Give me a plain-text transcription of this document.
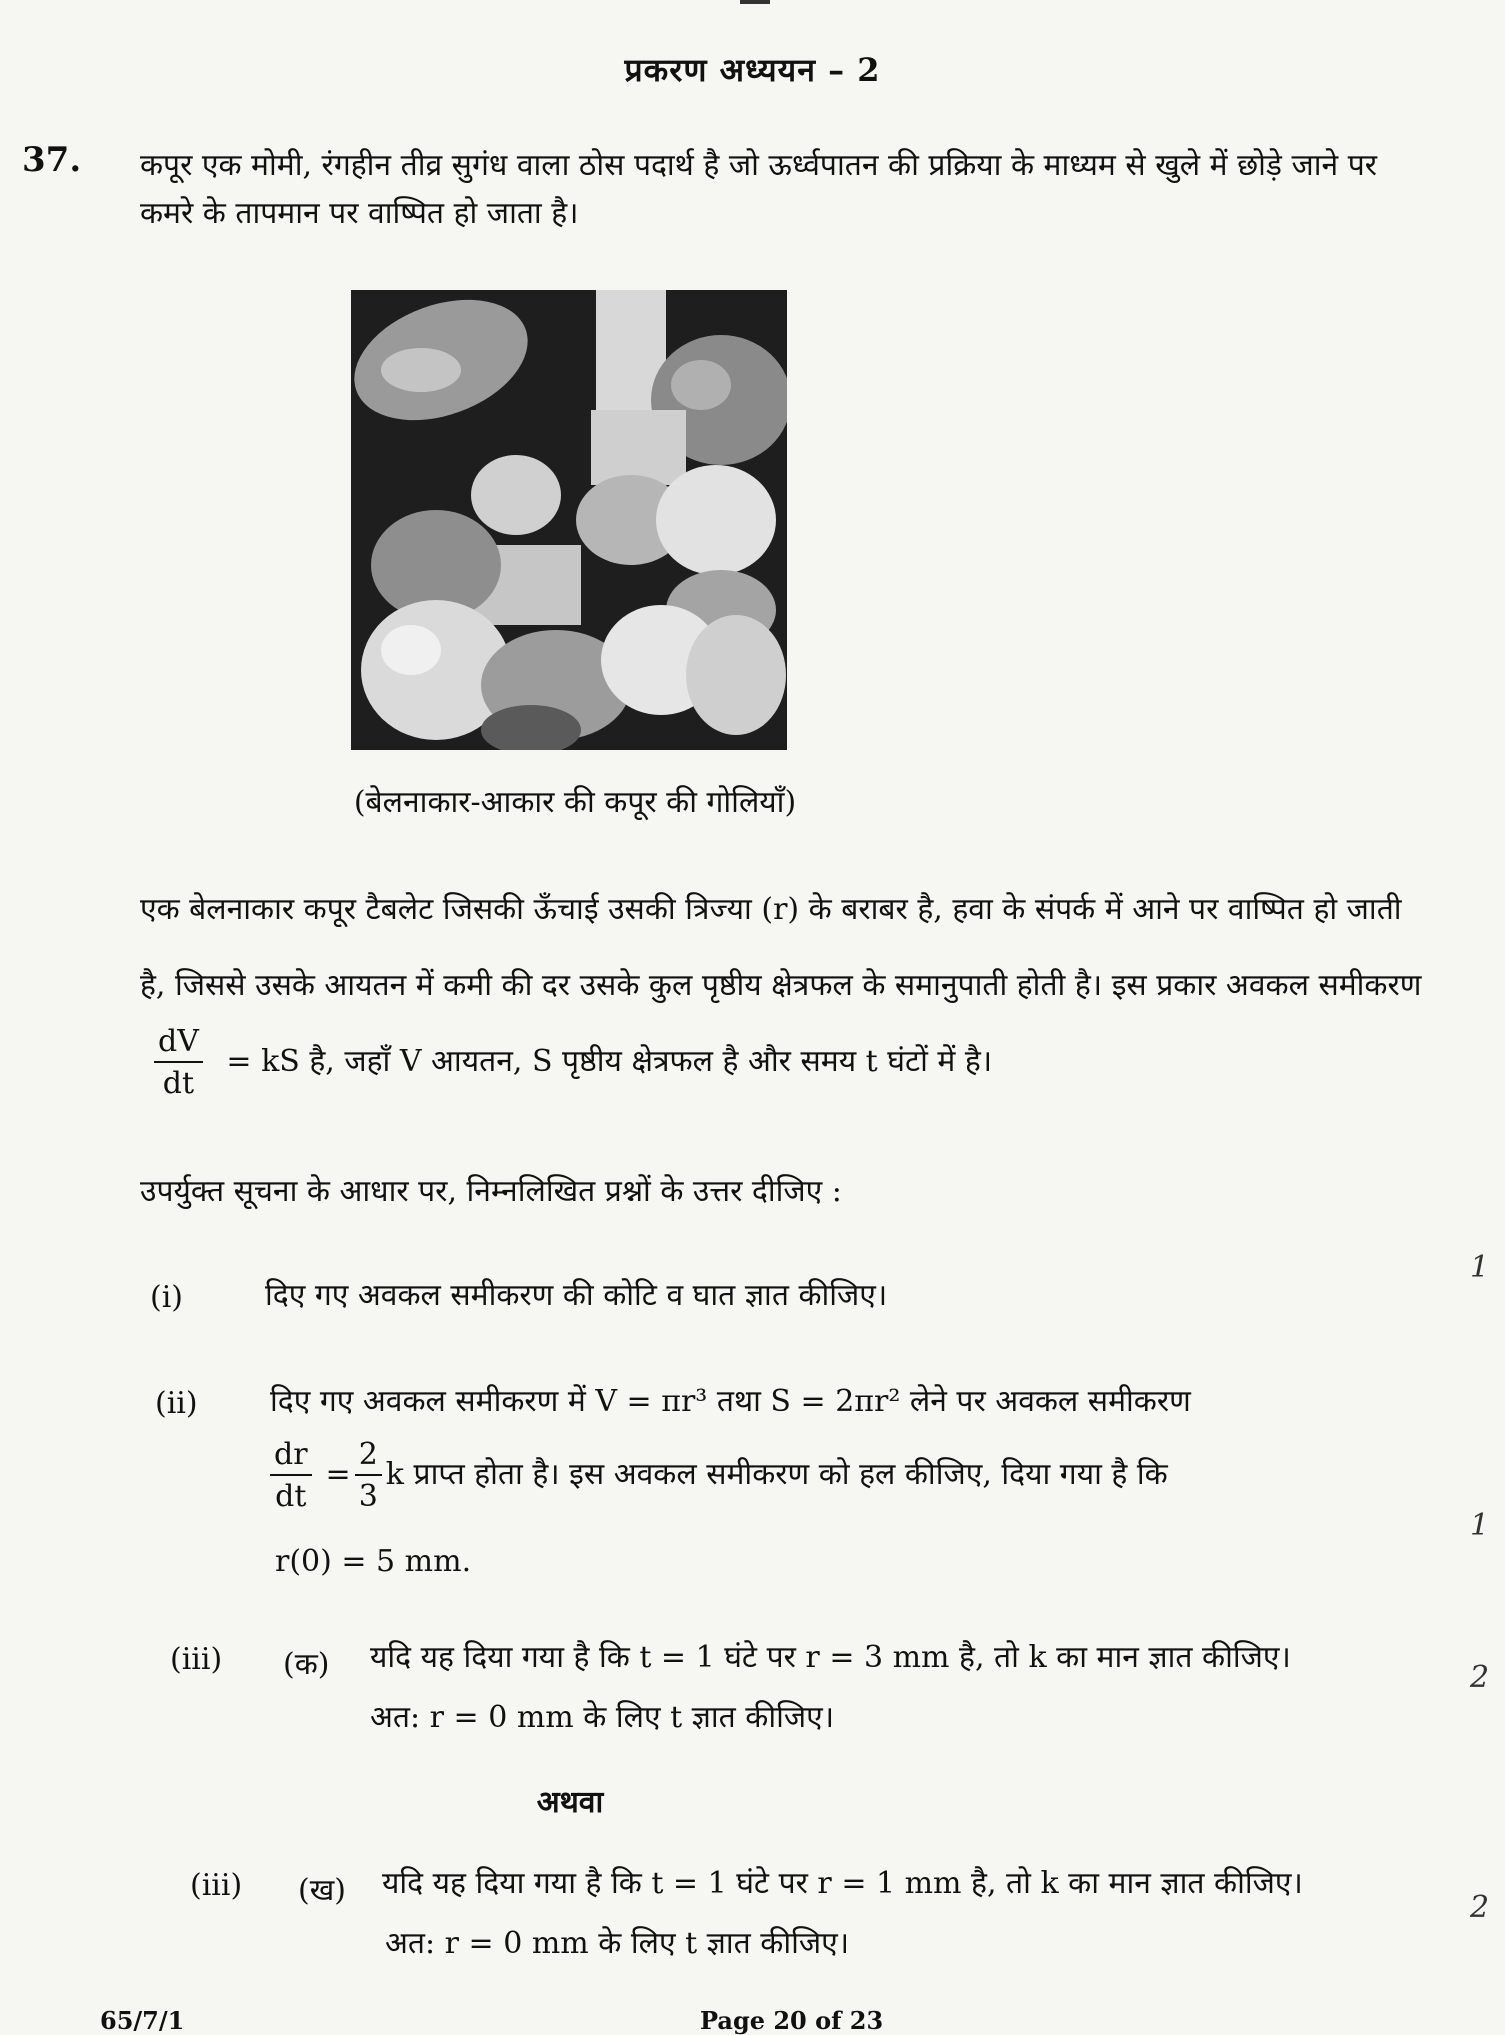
प्रकरण अध्ययन – 2
37. कपूर एक मोमी, रंगहीन तीव्र सुगंध वाला ठोस पदार्थ है जो ऊर्ध्वपातन की प्रक्रिया के माध्यम से खुले में छोड़े जाने पर कमरे के तापमान पर वाष्पित हो जाता है।
(बेलनाकार-आकार की कपूर की गोलियाँ)
एक बेलनाकार कपूर टैबलेट जिसकी ऊँचाई उसकी त्रिज्या (r) के बराबर है, हवा के संपर्क में आने पर वाष्पित हो जाती है, जिससे उसके आयतन में कमी की दर उसके कुल पृष्ठीय क्षेत्रफल के समानुपाती होती है। इस प्रकार अवकल समीकरण
$\frac{dV}{dt}$ = kS है, जहाँ V आयतन, S पृष्ठीय क्षेत्रफल है और समय t घंटों में है।
उपर्युक्त सूचना के आधार पर, निम्नलिखित प्रश्नों के उत्तर दीजिए :
(i)	दिए गए अवकल समीकरण की कोटि व घात ज्ञात कीजिए।
1
(ii) दिए गए अवकल समीकरण में V = πr³ तथा S = 2πr² लेने पर अवकल समीकरण
$\frac{dr}{dt} = \frac{2}{3}$ k प्राप्त होता है। इस अवकल समीकरण को हल कीजिए, दिया गया है कि
r(0) = 5 mm.
1
(iii) (क) यदि यह दिया गया है कि t = 1 घंटे पर r = 3 mm है, तो k का मान ज्ञात कीजिए।
अत: r = 0 mm के लिए t ज्ञात कीजिए।
2
अथवा
(iii) (ख) यदि यह दिया गया है कि t = 1 घंटे पर r = 1 mm है, तो k का मान ज्ञात कीजिए।
अत: r = 0 mm के लिए t ज्ञात कीजिए।
2
65/7/1	Page 20 of 23
